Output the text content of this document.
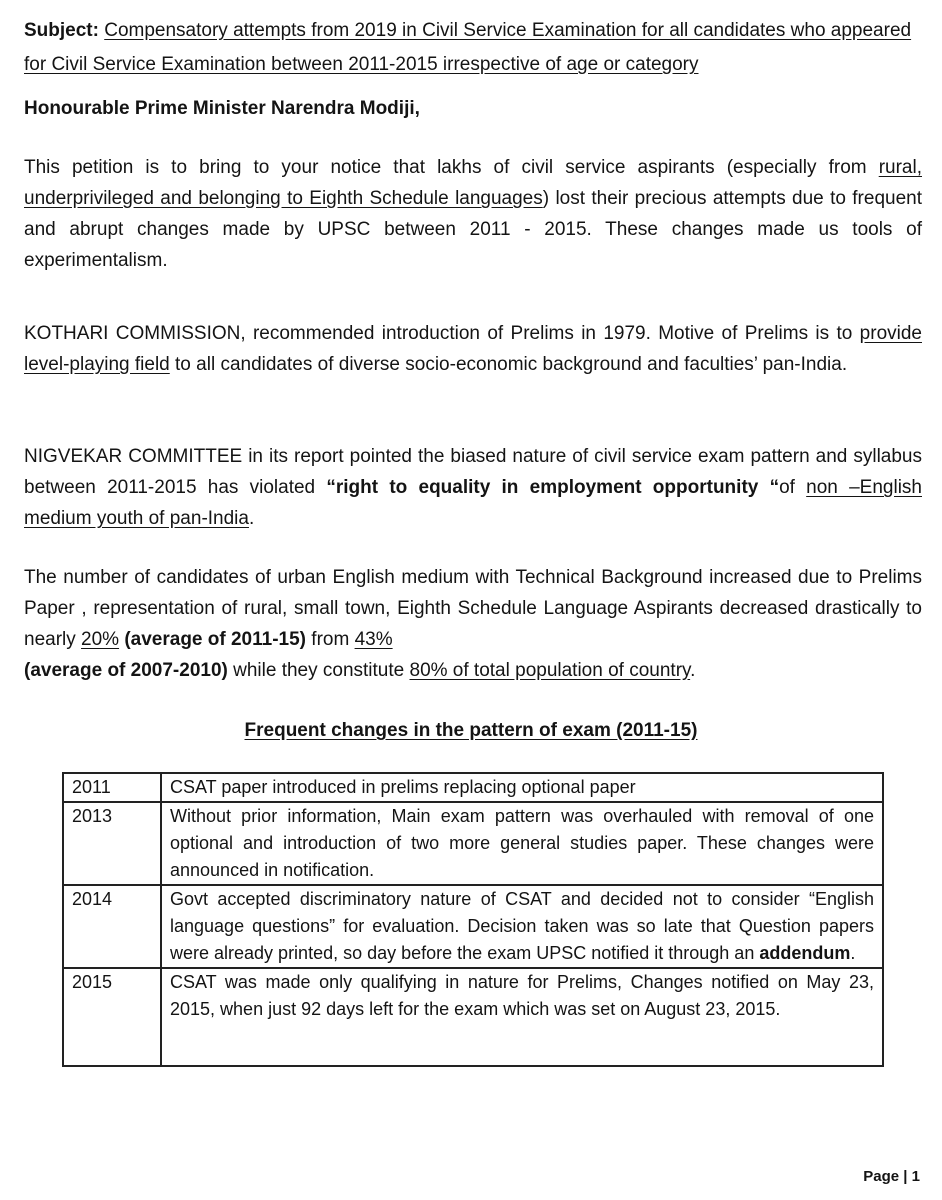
Subject: Compensatory attempts from 2019 in Civil Service Examination for all candidates who appeared for Civil Service Examination between 2011-2015 irrespective of age or category

Honourable Prime Minister Narendra Modiji,

This petition is to bring to your notice that lakhs of civil service aspirants (especially from rural, underprivileged and belonging to Eighth Schedule languages) lost their precious attempts due to frequent and abrupt changes made by UPSC between 2011 - 2015. These changes made us tools of experimentalism.

KOTHARI COMMISSION, recommended introduction of Prelims in 1979. Motive of Prelims is to provide level-playing field to all candidates of diverse socio-economic background and faculties’ pan-India.

NIGVEKAR COMMITTEE in its report pointed the biased nature of civil service exam pattern and syllabus between 2011-2015 has violated “right to equality in employment opportunity “of non –English medium youth of pan-India.

The number of candidates of urban English medium with Technical Background increased due to Prelims Paper , representation of rural, small town, Eighth Schedule Language Aspirants decreased drastically to nearly 20% (average of 2011-15) from 43%
(average of 2007-2010) while they constitute 80% of total population of country.

Frequent changes in the pattern of exam (2011-15)

2011	CSAT paper introduced in prelims replacing optional paper
2013	Without prior information, Main exam pattern was overhauled with removal of one optional and introduction of two more general studies paper. These changes were announced in notification.
2014	Govt accepted discriminatory nature of CSAT and decided not to consider “English language questions” for evaluation. Decision taken was so late that Question papers were already printed, so day before the exam UPSC notified it through an addendum.
2015	CSAT was made only qualifying in nature for Prelims, Changes notified on May 23, 2015, when just 92 days left for the exam which was set on August 23, 2015.
Page | 1
